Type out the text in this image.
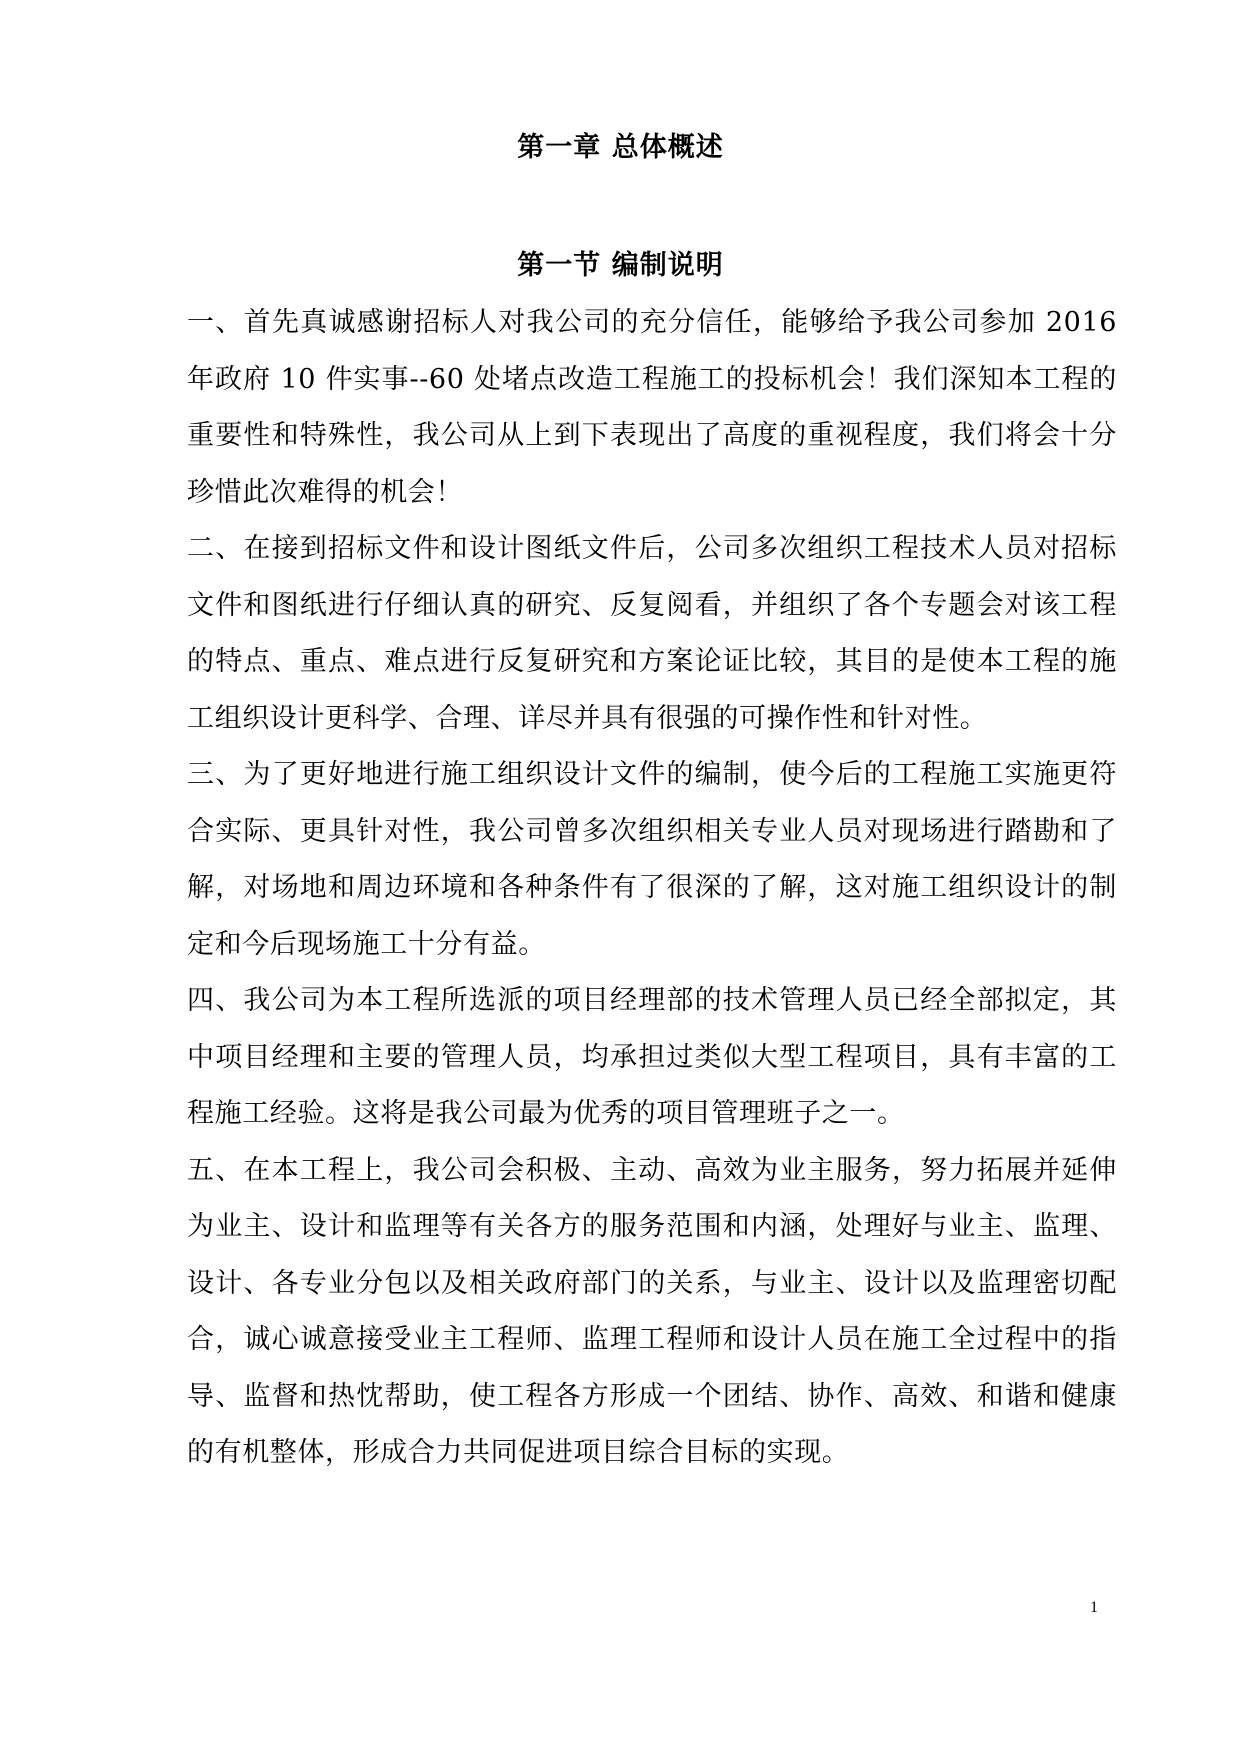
第一章 总体概述
第一节 编制说明

一、首先真诚感谢招标人对我公司的充分信任，能够给予我公司参加 2016 年政府 10 件实事--60 处堵点改造工程施工的投标机会！我们深知本工程的重要性和特殊性，我公司从上到下表现出了高度的重视程度，我们将会十分珍惜此次难得的机会！

二、在接到招标文件和设计图纸文件后，公司多次组织工程技术人员对招标文件和图纸进行仔细认真的研究、反复阅看，并组织了各个专题会对该工程的特点、重点、难点进行反复研究和方案论证比较，其目的是使本工程的施工组织设计更科学、合理、详尽并具有很强的可操作性和针对性。

三、为了更好地进行施工组织设计文件的编制，使今后的工程施工实施更符合实际、更具针对性，我公司曾多次组织相关专业人员对现场进行踏勘和了解，对场地和周边环境和各种条件有了很深的了解，这对施工组织设计的制定和今后现场施工十分有益。

四、我公司为本工程所选派的项目经理部的技术管理人员已经全部拟定，其中项目经理和主要的管理人员，均承担过类似大型工程项目，具有丰富的工程施工经验。这将是我公司最为优秀的项目管理班子之一。

五、在本工程上，我公司会积极、主动、高效为业主服务，努力拓展并延伸为业主、设计和监理等有关各方的服务范围和内涵，处理好与业主、监理、设计、各专业分包以及相关政府部门的关系，与业主、设计以及监理密切配合，诚心诚意接受业主工程师、监理工程师和设计人员在施工全过程中的指导、监督和热忱帮助，使工程各方形成一个团结、协作、高效、和谐和健康的有机整体，形成合力共同促进项目综合目标的实现。

1
